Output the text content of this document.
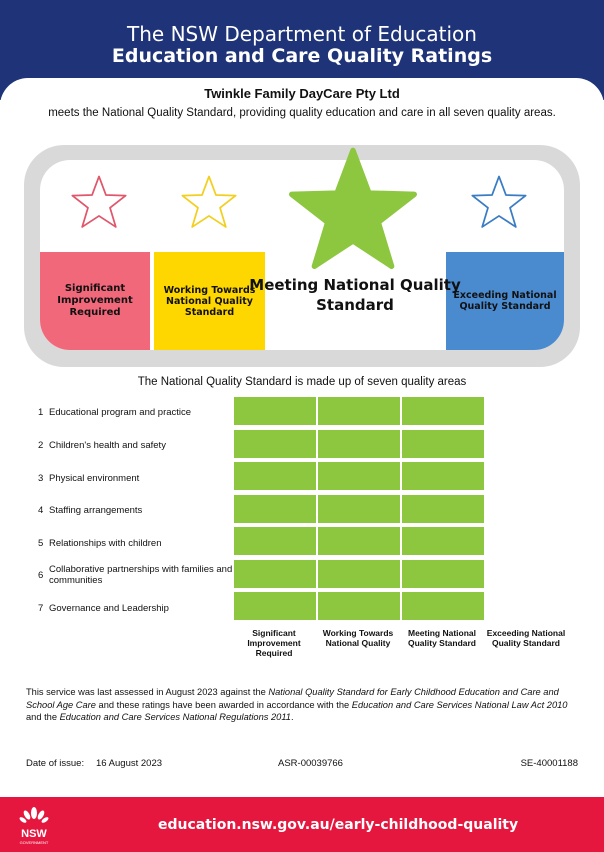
The NSW Department of Education
Education and Care Quality Ratings
Twinkle Family DayCare Pty Ltd
meets the National Quality Standard, providing quality education and care in all seven quality areas.
Significant Improvement Required
Working Towards National Quality Standard
Exceeding National Quality Standard
Meeting National Quality Standard
The National Quality Standard is made up of seven quality areas
1 Educational program and practice
2 Children's health and safety
3 Physical environment
4 Staffing arrangements
5 Relationships with children
6 Collaborative partnerships with families and communities
7 Governance and Leadership
Significant Improvement Required
Working Towards National Quality
Meeting National Quality Standard
Exceeding National Quality Standard
This service was last assessed in August 2023 against the National Quality Standard for Early Childhood Education and Care and School Age Care and these ratings have been awarded in accordance with the Education and Care Services National Law Act 2010 and the Education and Care Services National Regulations 2011.
Date of issue: 16 August 2023	ASR-00039766	SE-40001188
NSW
GOVERNMENT
education.nsw.gov.au/early-childhood-quality
